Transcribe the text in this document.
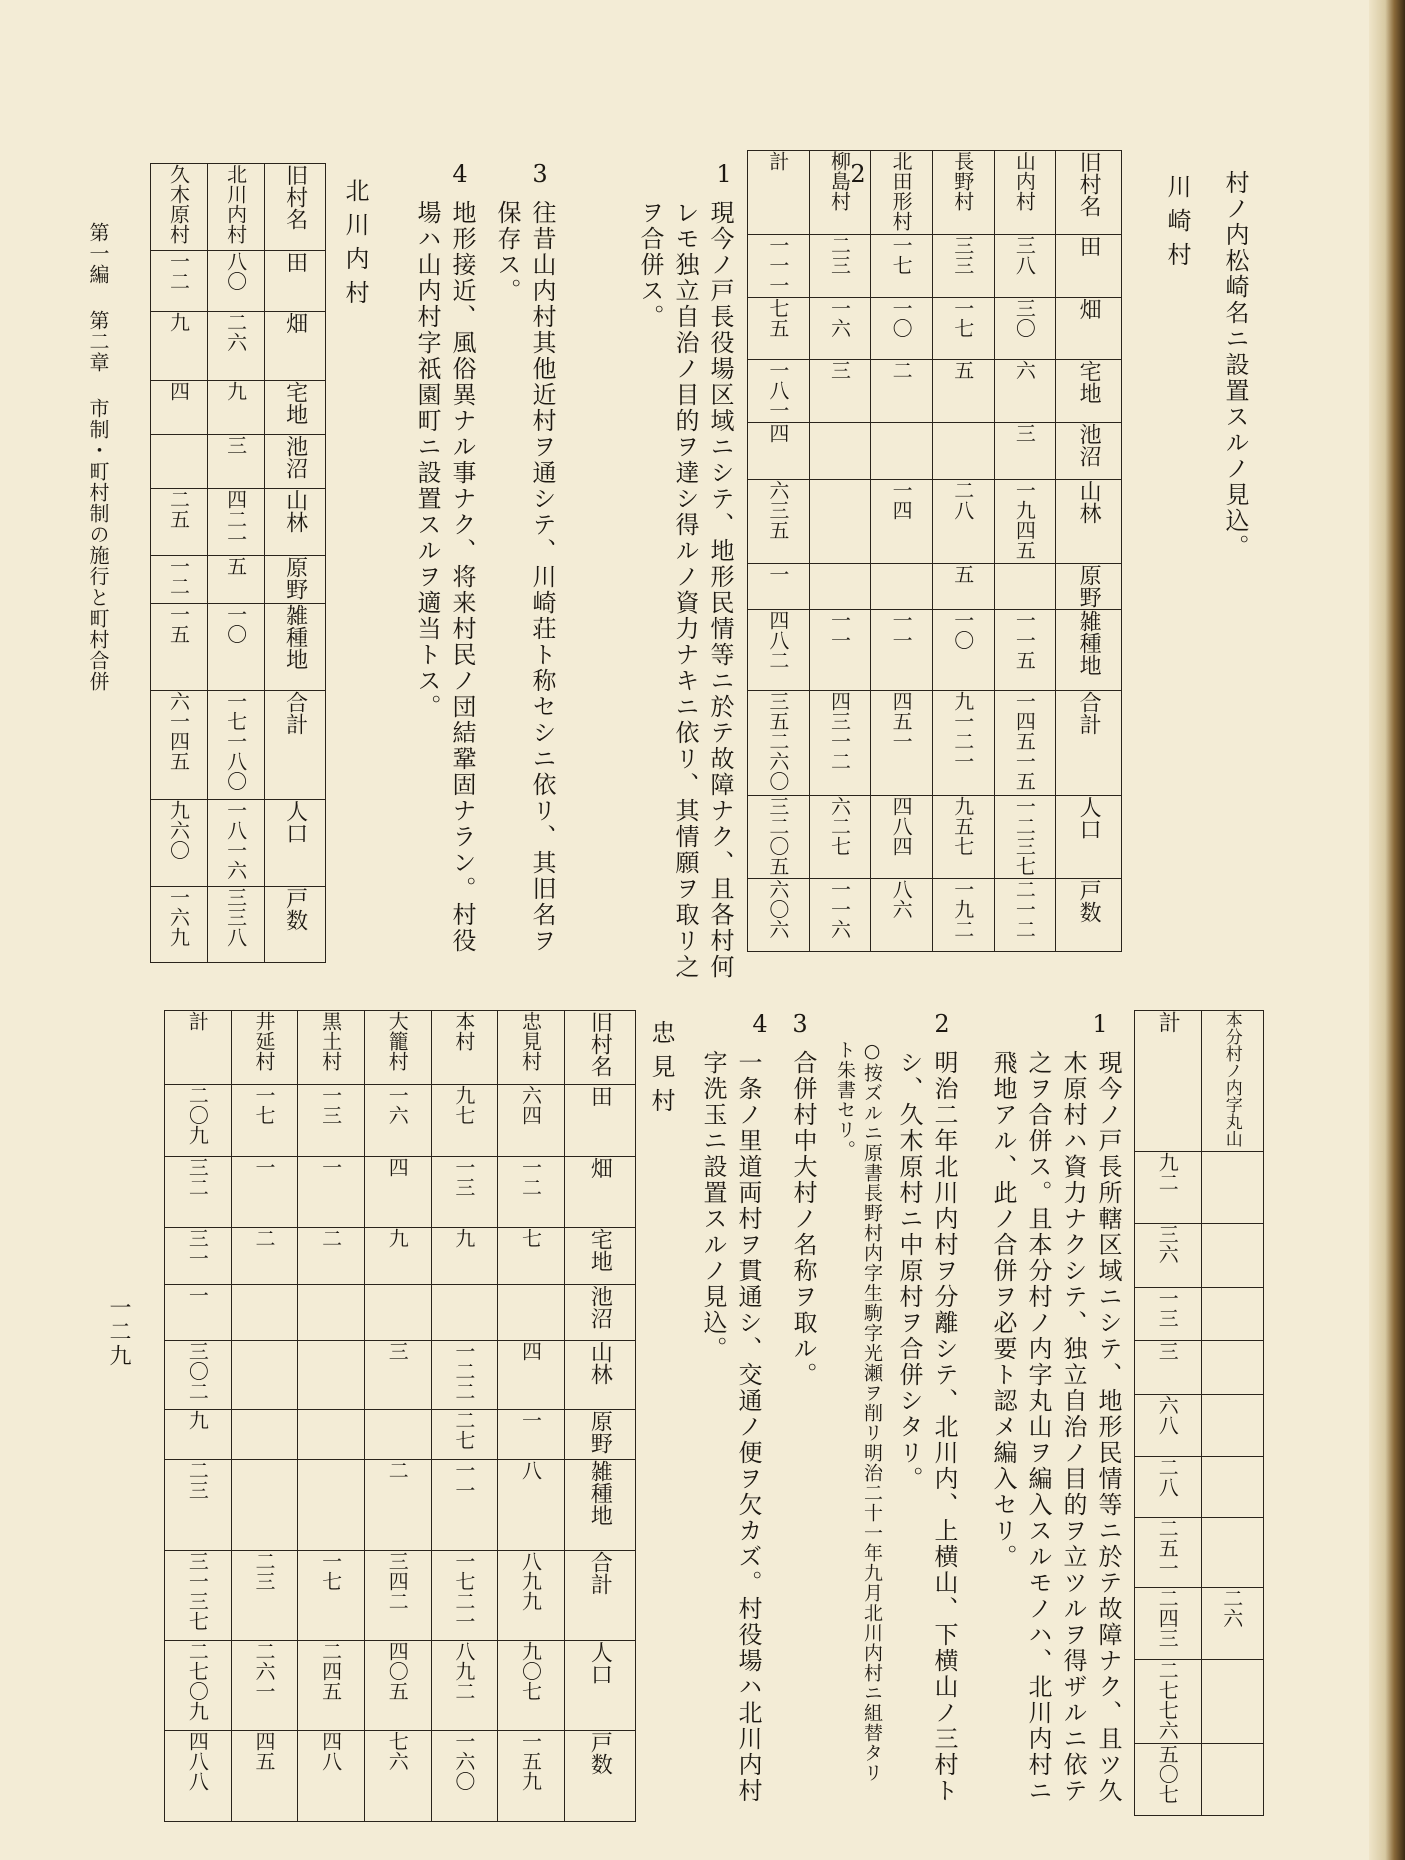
村ノ内松崎名ニ設置スルノ見込。
川崎村
計	柳島村	北田形村	長野村	山内村	旧村名

一一一	二三	一七	三三	三八	田

七五	一六	一〇	一七	三〇	畑

一八一	三	二	五	六	宅地

四				三	池沼

六三五		一四	二八	一九四五	山林

一			五		原野

四八二	一一	一一	一〇	一一五	雑種地

三五二六〇	四三一二	四五一	九一二一	一四五一五	合計

三二〇五	六二七	四八四	九五七	一二三七	人口

六〇六	一一六	八六	一九二	二一二	戸数
1
現今ノ戸長役場区域ニシテ、地形民情等ニ於テ故障ナク、且各村何レモ独立自治ノ目的ヲ達シ得ルノ資力ナキニ依リ、其情願ヲ取リ之ヲ合併ス。
2
3
往昔山内村其他近村ヲ通シテ、川崎荘ト称セシニ依リ、其旧名ヲ保存ス。
4
地形接近、風俗異ナル事ナク、将来村民ノ団結鞏固ナラン。村役場ハ山内村字祇園町ニ設置スルヲ適当トス。
北川内村
久木原村	北川内村	旧村名

一二	八〇	田

九	二六	畑

四	九	宅地

	三	池沼

二五	四二一	山林

一二	五	原野

一五	一〇	雑種地

六一四五	一七一八〇	合計

九六〇	一八一六	人口

一六九	三三八	戸数
計	本分村ノ内字丸山

九二	

三六	

一三	

三	

六八	

二八	

二五一	

二四三	二六

二七七六	

五〇七	

1
現今ノ戸長所轄区域ニシテ、地形民情等ニ於テ故障ナク、且ツ久木原村ハ資力ナクシテ、独立自治ノ目的ヲ立ツルヲ得ザルニ依テ之ヲ合併ス。且本分村ノ内字丸山ヲ編入スルモノハ、北川内村ニ飛地アル、此ノ合併ヲ必要ト認メ編入セリ。
2
明治二年北川内村ヲ分離シテ、北川内、上横山、下横山ノ三村トシ、久木原村ニ中原村ヲ合併シタリ。
○按ズルニ原書長野村内字生駒字光瀬ヲ削リ明治二十一年九月北川内村ニ組替タリト朱書セリ。
3
合併村中大村ノ名称ヲ取ル。
4
一条ノ里道両村ヲ貫通シ、交通ノ便ヲ欠カズ。村役場ハ北川内村字洗玉ニ設置スルノ見込。
忠見村
計	井延村	黒土村	大籠村	本村	忠見村	旧村名

二〇九	一七	一三	一六	九七	六四	田

三二	一	一	四	一三	一二	畑

三一	二	二	九	九	七	宅地

一						池沼

三〇二			三	一二二	四	山林

九				二七	一	原野

二三			二	一一	八	雑種地

三一三七	二三	一七	三四二	一七二一	八九九	合計

二七〇九	二六一	二四五	四〇五	八九二	九〇七	人口

四八八	四五	四八	七六	一六〇	一五九	戸数
第一編 第二章 市制・町村制の施行と町村合併
一二九
